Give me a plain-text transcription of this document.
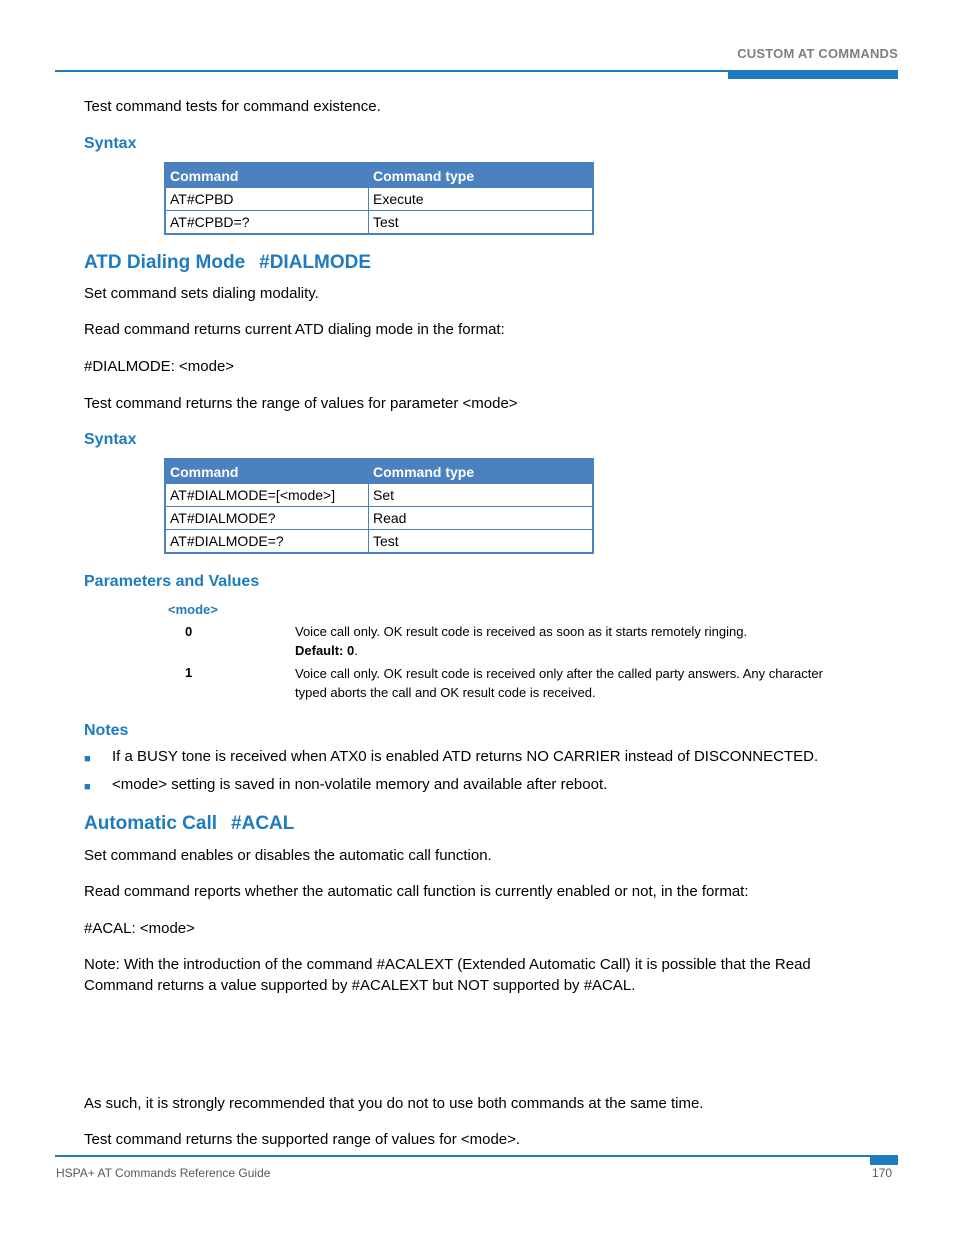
CUSTOM AT COMMANDS
Test command tests for command existence.
Syntax
Command	Command type
AT#CPBD	Execute
AT#CPBD=?	Test
ATD Dialing Mode #DIALMODE
Set command sets dialing modality.
Read command returns current ATD dialing mode in the format:
#DIALMODE: <mode>
Test command returns the range of values for parameter <mode>
Syntax
Command	Command type
AT#DIALMODE=[<mode>]	Set
AT#DIALMODE?	Read
AT#DIALMODE=?	Test
Parameters and Values
<mode>
0	Voice call only. OK result code is received as soon as it starts remotely ringing.
Default: 0.
1	Voice call only. OK result code is received only after the called party answers. Any character typed aborts the call and OK result code is received.
Notes
■ If a BUSY tone is received when ATX0 is enabled ATD returns NO CARRIER instead of DISCONNECTED.
■ <mode> setting is saved in non-volatile memory and available after reboot.
Automatic Call #ACAL
Set command enables or disables the automatic call function.
Read command reports whether the automatic call function is currently enabled or not, in the format:
#ACAL: <mode>
Note: With the introduction of the command #ACALEXT (Extended Automatic Call) it is possible that the Read
Command returns a value supported by #ACALEXT but NOT supported by #ACAL.
As such, it is strongly recommended that you do not to use both commands at the same time.
Test command returns the supported range of values for <mode>.
HSPA+ AT Commands Reference Guide	170
